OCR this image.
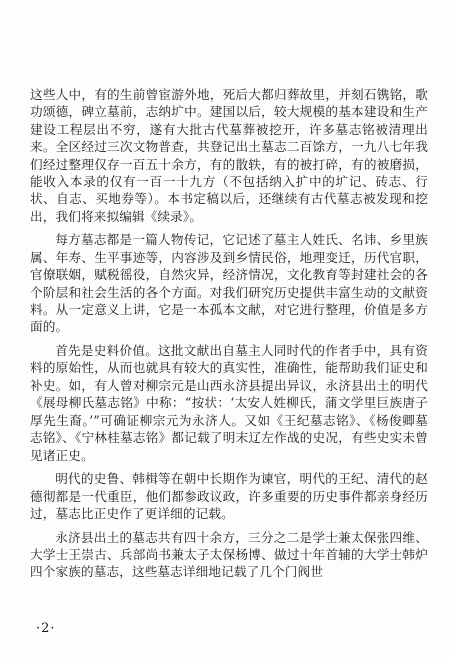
这些人中，有的生前曾宦游外地，死后大都归葬故里，并刻石镌铭，歌功颂德，碑立墓前，志纳圹中。建国以后，较大规模的基本建设和生产建设工程层出不穷，遂有大批古代墓葬被挖开，许多墓志铭被清理出来。全区经过三次文物普查，共登记出土墓志二百馀方，一九八七年我们经过整理仅存一百五十余方，有的散轶，有的被打碎，有的被磨损，能收入本录的仅有一百一十九方（不包括纳入扩中的圹记、砖志、行状、自志、买地券等）。本书定稿以后，还继续有古代墓志被发现和挖出，我们将来拟编辑《续录》。

每方墓志都是一篇人物传记，它记述了墓主人姓氏、名讳、乡里族属、年寿、生平事迹等，内容涉及到乡情民俗，地理变迁，历代官职，官僚联姻，赋税徭役，自然灾异，经济情况，文化教育等封建社会的各个阶层和社会生活的各个方面。对我们研究历史提供丰富生动的文献资料。从一定意义上讲，它是一本孤本文献，对它进行整理，价值是多方面的。

首先是史料价值。这批文献出自墓主人同时代的作者手中，具有资料的原始性，从而也就具有较大的真实性，准确性，能帮助我们证史和补史。如，有人曾对柳宗元是山西永济县提出异议，永济县出土的明代《展母柳氏墓志铭》中称：“按状：‘太安人姓柳氏，蒲文学里巨族唐子厚先生裔。’”可确证柳宗元为永济人。又如《王纪墓志铭》、《杨俊卿墓志铭》、《宁林桂墓志铭》都记载了明末辽左作战的史况，有些史实未曾见诸正史。

明代的史鲁、韩楫等在朝中长期作为谏官，明代的王纪、清代的赵德彻都是一代重臣，他们都参政议政，许多重要的历史事件都亲身经历过，墓志比正史作了更详细的记载。

永济县出土的墓志共有四十余方，三分之二是学士兼太保张四维、大学士王崇古、兵部尚书兼太子太保杨博、做过十年首辅的大学士韩炉四个家族的墓志，这些墓志详细地记载了几个门阀世

·2·
